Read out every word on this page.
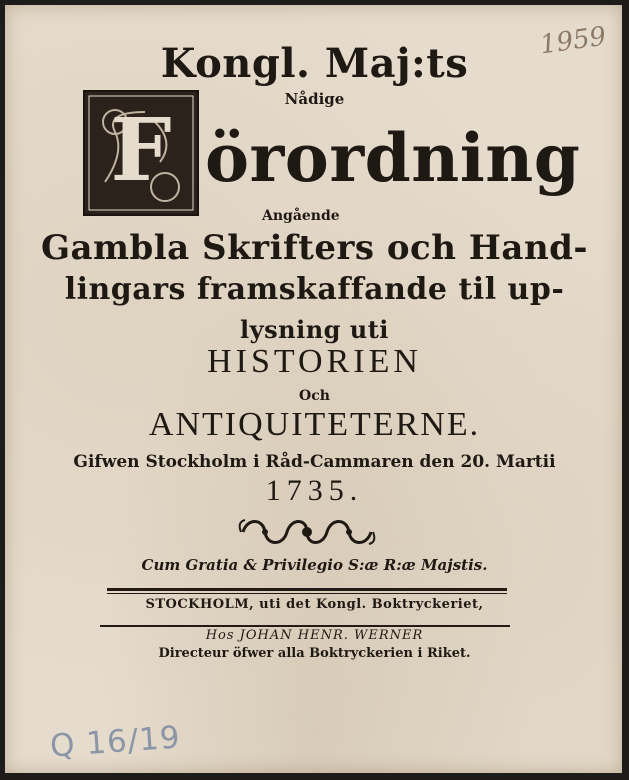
1959
Kongl. Maj:ts
Nådige
F örordning
Angående
Gambla Skrifters och Hand-
lingars framskaffande til up-
lysning uti
HISTORIEN
Och
ANTIQUITETERNE.
Gifwen Stockholm i Råd-Cammaren den 20. Martii
1735.
Cum Gratia & Privilegio S:æ R:æ Majstis.
STOCKHOLM, uti det Kongl. Boktryckeriet,
Hos JOHAN HENR. WERNER
Directeur öfwer alla Boktryckerien i Riket.
Q 16/19
